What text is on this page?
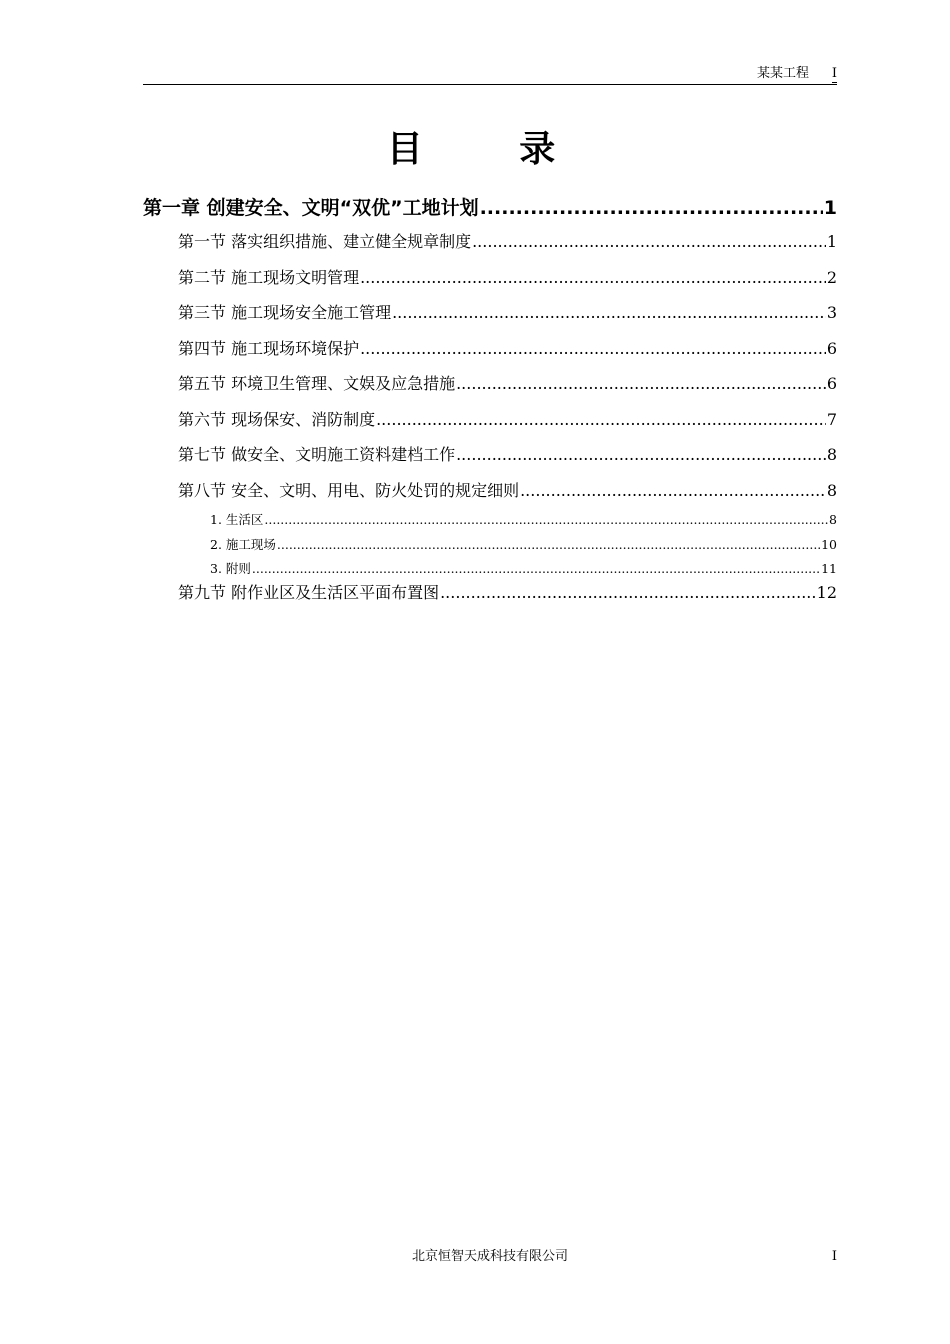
某某工程 I
目 录
第一章 创建安全、文明“双优”工地计划 .....	1
第一节 落实组织措施、建立健全规章制度 .....	1
第二节 施工现场文明管理 .....	2
第三节 施工现场安全施工管理 .....	3
第四节 施工现场环境保护 .....	6
第五节 环境卫生管理、文娱及应急措施 .....	6
第六节 现场保安、消防制度 .....	7
第七节 做安全、文明施工资料建档工作 .....	8
第八节 安全、文明、用电、防火处罚的规定细则 .....	8
1. 生活区 .....	8
2. 施工现场 .....	10
3. 附则 .....	11
第九节 附作业区及生活区平面布置图 .....	12
北京恒智天成科技有限公司	I
